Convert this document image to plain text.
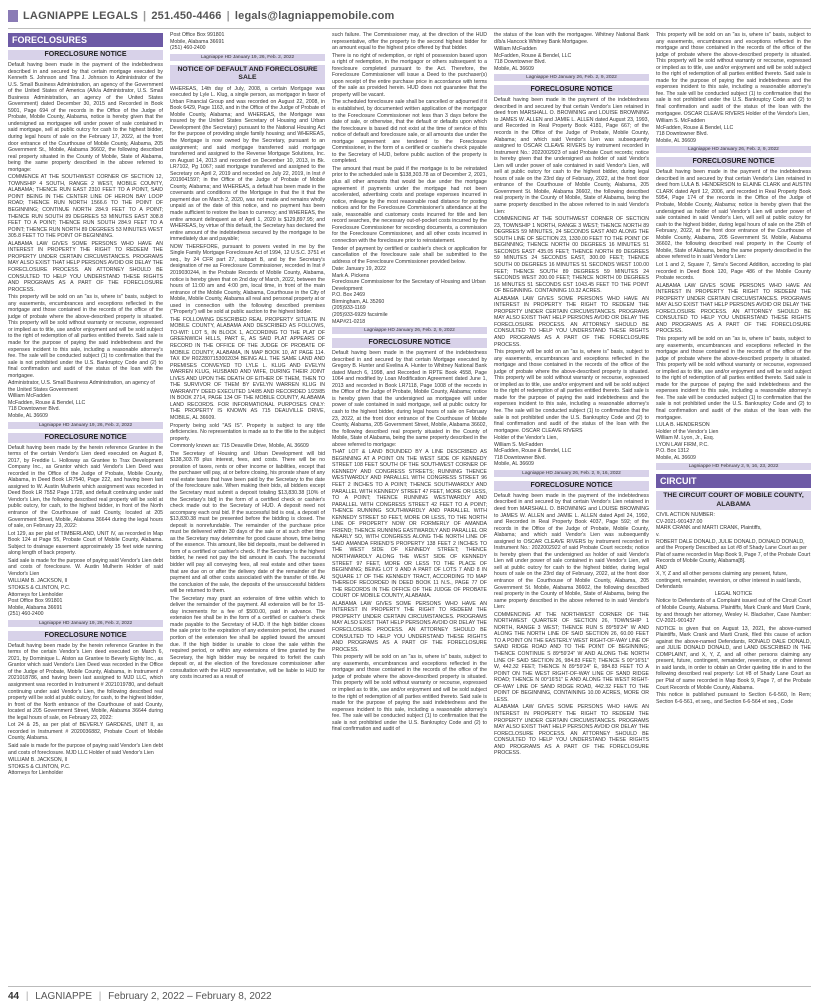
LAGNIAPPE LEGALS | 251.450-4466 | legals@lagniappemobile.com
FORECLOSURES
FORECLOSURE NOTICE

Default having been made in the payment of the indebtedness described in and secured by that certain mortgage executed by Kenneth S. Johnson and Tina J. Johnson to Administrator of the U.S. Small Business Administration, an agency of the Government of the United States of America (A/k/a Administrator, U.S. Small Business Administration, an agency of the United States Government) dated December 30, 2015 and Recorded in Book 5901, Page 694 of the records in the Office of the Judge of Probate, Mobile County, Alabama, notice is hereby given that the undersigned as mortgagee will under power of sale contained in said mortgage, sell at public outcry for cash to the highest bidder, during legal hours of sale on the February 17, 2022, at the front door entrance of the Courthouse of Mobile County, Alabama, 205 Government St., Mobile, Alabama 36602, the following described real property situated in the County of Mobile, State of Alabama, being the same property described in the above referred to mortgage:

COMMENCE AT THE SOUTHWEST CORNER OF SECTION 12, TOWNSHIP 4 SOUTH, RANGE 2 WEST, MOBILE COUNTY, ALABAMA; THENCE RUN EAST 2310 FEET TO A POINT, SAID POINT BEING IN THE CENTER LINE OF HERON BAY LOOP ROAD; THENCE RUN NORTH 1566.6 TO THE POINT OF BEGINNING; CONTINUE NORTH 284.9 FEET TO A POINT; THENCE RUN SOUTH 89 DEGREES 53 MINUTES EAST 308.8 FEET TO A POINT; THENCE RUN SOUTH 284.9 FEET TO A POINT; THENCE RUN NORTH 89 DEGREES 53 MINUTES WEST 305.8 FEET TO THE POINT OF BEGINNING.

ALABAMA LAW GIVES SOME PERSONS WHO HAVE AN INTEREST IN PROPERTY THE RIGHT TO REDEEM THE PROPERTY UNDER CERTAIN CIRCUMSTANCES. PROGRAMS MAY ALSO EXIST THAT HELP PERSONS AVOID OR DELAY THE FORECLOSURE PROCESS. AN ATTORNEY SHOULD BE CONSULTED TO HELP YOU UNDERSTAND THESE RIGHTS AND PROGRAMS AS A PART OF THE FORECLOSURE PROCESS.

This property will be sold on an "as is, where is" basis, subject to any easements, encumbrances and exceptions reflected in the mortgage and those contained in the records of the office of the judge of probate where the above-described property is situated. This property will be sold without warranty or recourse, expressed or implied as to title, use and/or enjoyment and will be sold subject to the right of redemption of all parties entitled thereto. Said sale is made for the purpose of paying the said indebtedness and the expenses incident to this sale, including a reasonable attorney's fee. The sale will be conducted subject (1) to confirmation that the sale is not prohibited under the U.S. Bankruptcy Code and (2) to final confirmation and audit of the status of the loan with the mortgagee.

Administrator, U.S. Small Business Administration, an agency of the United States Government
William McFadden
McFadden, Rouse & Bendel, LLC
718 Downtowner Blvd.
Mobile, AL 36609

Lagniappe HD January 19, 26, Feb. 2, 2022
FORECLOSURE NOTICE

Default having been made by the herein reference Grantee in the terms of the certain Vendor's Lien deed executed on August 8, 2017, by Freddie L. Holloway as Grantee to Trax Development Company Inc., as Grantor which said Vendor's Lien Deed was recorded in the Office of the Judge of Probate, Mobile County, Alabama, in Deed Book LR7540, Page 222, and having been last assigned to W. Austin Mulherin which assignment was recorded in Deed Book LR 7552 Page 1728, and default continuing under said Vendor's Lien, the following described real property will be sold at public outcry, for cash, to the highest bidder, in front of the North entrance of the Courthouse of said County, located at 205 Government Street, Mobile, Alabama 36644 during the legal hours of sale, on February 23, 2022:

Lot 129, as per plat of TIMBERLAND, UNIT IV, as recorded in Map Book 124 at Page 55, Probate Court of Mobile County, Alabama. Subject to drainage easement approximately 15 feet wide running along length of back property.

Said sale is made for the purpose of paying said Vendor's Lien debt and costs of foreclosure. W. Austin Mulherin Holder of said Vendor's Lien

WILLIAM B. JACKSON, II
STOKES & CLINTON, P.C.
Attorneys for Lienholder
Post Office Box 991801
Mobile, Alabama 36691
(251) 460-2400

Lagniappe HD January 19, 26, Feb. 2, 2022
FORECLOSURE NOTICE

Default having been made by the herein reference Grantee in the terms of the certain Vendor's Lien deed executed on March 6, 2021, by Dominique L. Alston as Grantee to Beverly Eighty Inc., as Grantor which said Vendor's Lien Deed was recorded in the Office of the Judge of Probate, Mobile County, Alabama, in Instrument # 2021018786, and having been last assigned to MJD LLC, which assignment was recorded in Instrument # 2021019780, and default continuing under said Vendor's Lien, the following described real property will be sold at public outcry, for cash, to the highest bidder, in front of the North entrance of the Courthouse of said County, located at 205 Government Street, Mobile, Alabama 36644 during the legal hours of sale, on February 23, 2022:

Lot 24 & 25, as per plat of BEVERLY GARDENS, UNIT II, as recorded in Instrument # 2020036882, Probate Court of Mobile County, Alabama.

Said sale is made for the purpose of paying said Vendor's Lien debt and costs of foreclosure. MJD LLC Holder of said Vendor's Lien

WILLIAM B. JACKSON, II
STOKES & CLINTON, P.C.
Attorneys for Lienholder

Post Office Box 991801
Mobile, Alabama 36691
(251) 460-2400

Lagniappe HD January 19, 26, Feb. 2, 2022
NOTICE OF DEFAULT AND FORECLOSURE SALE

WHEREAS, 14th day of July, 2008, a certain Mortgage was executed by Lyle L. Klug, a single person, as mortgagor in favor of Urban Financial Group and was recorded on August 22, 2008, in Book 6429, Page 1163, and in the Office of the Judge of Probate of Mobile County, Alabama; and WHEREAS, the Mortgage was insured by the United States Secretary of Housing and Urban Development (the Secretary) pursuant to the National Housing Act for the purpose of providing single family housing; and WHEREAS, the Mortgage is now owned by the Secretary, pursuant to an assignment; and said mortgage transferred said mortgage transferred and assigned to the Reverse Mortgage Solutions, Inc. on August 14, 2013 and recorded on December 10, 2013, in Bk. LR7102, Pg 1067; said mortgage transferred and assigned to the Secretary on April 2, 2019 and recorded on July 22, 2019, in Inst # 2019041597; in the Office of the Judge of Probate of Mobile County, Alabama; and WHEREAS, a default has been made in the covenants and conditions of the Mortgage in that the it that the payment due on March 2, 2020, was not made and remains wholly unpaid as of the date of this notice, and no payment has been made sufficient to restore the loan to currency; and WHEREAS, the entire amount delinquent as of April 1, 2020 is $129,897.95; and WHEREAS, by virtue of this default, the Secretary has declared the entire amount of the indebtedness secured by the mortgage to be immediately due and payable;

NOW THEREFORE, pursuant to powers vested in me by the Single Family Mortgage Foreclosure Act of 1994, 12 U.S.C. 3751 et seq., by 24 CFR part 27, subpart B, and by the Secretary's designation of me as Foreclosure Commissioner, recorded in Inst # 2019030244, in the Probate Records of Mobile County, Alabama, notice is hereby given that on 2nd day of March, 2022, between the hours of 11:00 am and 4:00 pm, local time, in front of the main entrance of the Mobile County, Alabama, Courthouse in the City of Mobile, Mobile County, Alabama all real and personal property at or used in connection with the following described premises ("Property") will be sold at public auction to the highest bidder.

THE FOLLOWING DESCRIBED REAL PROPERTY SITUATE IN MOBILE COUNTY, ALABAMA AND DESCRIBED AS FOLLOWS, TO-WIT: LOT 5, IN BLOCK 1, ACCORDING TO THE PLAT OF GREENWICH HILLS, PART E, AS SAID PLAT APPEARS OF RECORD IN THE OFFICE OF THE JUDGE OF PROBATE OF MOBILE COUNTY, ALABAMA, IN MAP BOOK 10, AT PAGE 114. TAX ID# R022807153002034 BEING ALL THE SAME LAND AND PREMISES CONVEYED TO LYLE L. KLUG AND EVELYN WARREN KLUG, HUSBAND AND WIFE, DURING THEIR JOINT LIVES AND UPON THE DEATH OF EITHER OF THEM, THEN TO THE SURVIVOR OF THEM BY EVELYN WARREN KLUG IN WARRANTY DEED EXECUTED 1/4/85 AND RECORDED 1/23/85 IN BOOK 2714, PAGE 134 OF THE MOBILE COUNTY, ALABAMA LAND RECORDS. FOR INFORMATIONAL PURPOSES ONLY: THE PROPERTY IS KNOWN AS 715 DEAUVILLE DRIVE, MOBILE, AL 36609.

Property being sold "AS IS". Property is subject to any title deficiencies. No representation is made as to the title to the subject property.

Commonly known as: 715 Deauville Drive, Mobile, AL 36609

The Secretary of Housing and Urban Development will bid $138,303.78 plus interest, fees, and costs. There will be no proration of taxes, rents or other income or liabilities, except that the purchaser will pay, at or before closing, his prorate share of any real estate taxes that have been paid by the Secretary to the date of the foreclosure sale. When making their bids, all bidders except the Secretary must submit a deposit totaling $13,830.38 [10% of the Secretary's bid] in the form of a certified check or cashier's check made out to the Secretary of HUD. A deposit need not accompany each oral bid. If the successful bid is oral, a deposit of $13,830.38 must be presented before the bidding is closed. The deposit is nonrefundable. The remainder of the purchase price must be delivered within 30 days of the sale or at such other time as the Secretary may determine for good cause shown, time being of the essence. This amount, like bid deposits, must be delivered in form of a certified or cashier's check. If the Secretary is the highest bidder, he need not pay the bid amount in cash. The successful bidder will pay all conveying fees, all real estate and other taxes that are due on or after the delivery date of the remainder of the payment and all other costs associated with the transfer of title. At the conclusion of the sale, the deposits of the unsuccessful bidders will be returned to them.

The Secretary may grant an extension of time within which to deliver the remainder of the payment. All extension will be for 15-day increments for a fee of $500.00, paid in advance. The extension fee shall be in the form of a certified or cashier's check made payable to the Secretary of HUD. If the high bidder closes the sale prior to the expiration of any extension period, the unused portion of the extension fee shall be applied toward the amount due. If the high bidder is unable to close the sale within the required period, or within any extensions of time granted by the Secretary, the high bidder may be required to forfeit the cash deposit or, at the election of the foreclosure commissioner after consultation with the HUD representative, will be liable to HUD for any costs incurred as a result of

such failure. The Commissioner may, at the direction of the HUD representative, offer the property to the second highest bidder for an amount equal to the highest price offered by that bidder.

There is no right of redemption, or right of possession based upon a right of redemption, in the mortgagor or others subsequent to a foreclosure completed pursuant to the Act. Therefore, the Foreclosure Commissioner will issue a Deed to the purchaser(s) upon receipt of the entire purchase price in accordance with terms of the sale as provided herein. HUD does not guarantee that the property will be vacant.

The scheduled foreclosure sale shall be cancelled or adjourned if it is established, by documented written application of the mortgagor to the Foreclosure Commissioner not less than 3 days before the date of sale, or otherwise, that the default or defaults upon which the foreclosure is based did not exist at the time of service of this notice of default and foreclosure sale, or all amounts due under the mortgage agreement are tendered to the Foreclosure Commissioner, in the form of a certified or cashier's check payable to the Secretary of HUD, before public auction of the property is completed.

The amount that must be paid if the mortgage is to be reinstated prior to the scheduled sale is $138,303.78 as of December 2, 2021, plus all other amounts that would be due under the mortgage agreement if payments under the mortgage had not been accelerated, advertising costs and postage expenses incurred in notice, mileage by the most reasonable road distance for posting notices and for the Foreclosure Commissioner's attendance at the sale, reasonable and customary costs incurred for title and lien record searches, the necessary out-of-pocket costs incurred by the Foreclosure Commissioner for recording documents, a commission for the Foreclosure Commissioner, and all other costs incurred in connection with the foreclosure prior to reinstatement.

Tender of payment by certified or cashier's check or application for cancellation of the foreclosure sale shall be submitted to the address of the Foreclosure Commissioner provided below.

Date: January 19, 2022
Mark A. Pickens
Foreclosure Commissioner for the Secretary of Housing and Urban Development
P.O. Box 2469
Birmingham, AL 35260
(205)933-1169
(205)933-6929 facsimile
MAP#21-0218

Lagniappe HD January 26, Feb. 2, 9, 2022
FORECLOSURE NOTICE

Default having been made in the payment of the indebtedness described in and secured by that certain Mortgage executed by Gregory B. Hunter and Evelina A. Hunter to Whitney National Bank dated March 6, 1998, and Recorded in RPTE Book 4558, Page 1064 and modified by Loan Modification Agreement dated June 1, 2013 and recorded in Book LR7118, Page 1008 of the records in the Office of the Judge of Probate, Mobile County, Alabama; notice is hereby given that the undersigned as mortgagee will under power of sale contained in said mortgage, sell at public outcry for cash to the highest bidder, during legal hours of sale on February 23, 2022, at the front door entrance of the Courthouse of Mobile County, Alabama, 205 Government Street, Mobile, Alabama 36602, the following described real property situated in the County of Mobile, State of Alabama, being the same property described in the above referred to mortgage:

THAT LOT & LAND BOUNDED BY A LINE DESCRIBED AS BEGINNING AT A POINT ON THE WEST SIDE OF KENNEDY STREET 108 FEET SOUTH OF THE SOUTHWEST CORNER OF KENNEDY AND CONGRESS STREETS; RUNNING THENCE WESTWARDLY AND PARALLEL WITH CONGRESS STREET 96 FEET 2 INCHES TO A POINT; THENCE SOUTHWARDLY AND PARALLEL WITH KENNEDY STREET 47 FEET, MORE OR LESS, TO A POINT; THENCE RUNNING WESTWARDLY AND PARALLEL WITH CONGRESS STREET 42 FEET TO A POINT; THENCE RUNNING SOUTHWARDLY AND PARALLEL WITH KENNEDY STREET 50 FEET, MORE OR LESS, TO THE NORTH LINE OF PROPERTY NOW OR FORMERLY OF AMANDA FRIEND; THENCE RUNNING EASTWARDLY AND PARALLEL OR NEARLY SO, WITH CONGRESS ALONG THE NORTH LINE OF SAID AMANDA FRIEND'S PROPERTY 138 FEET 2 INCHES TO THE WEST SIDE OF KENNEDY STREET; THENCE NORTHWARDLY ALONG THE WEST SIDE OF KENNEDY STREET 97 FEET, MORE OR LESS TO THE PLACE OF BEGINNING; BEING LOT 9 AND A PART OF LOTS 7 AND 8 IN SQUARE 17 OF THE KENNEDY TRACT, ACCORDING TO MAP THEREOF RECORDED IN DEED BOOK 11 N.S., PAGE 77 OF THE RECORDS IN THE OFFICE OF THE JUDGE OF PROBATE COURT OF MOBILE COUNTY, ALABAMA.

ALABAMA LAW GIVES SOME PERSONS WHO HAVE AN INTEREST IN PROPERTY THE RIGHT TO REDEEM THE PROPERTY UNDER CERTAIN CIRCUMSTANCES. PROGRAMS MAY ALSO EXIST THAT HELP PERSONS AVOID OR DELAY THE FORECLOSURE PROCESS. AN ATTORNEY SHOULD BE CONSULTED TO HELP YOU UNDERSTAND THESE RIGHTS AND PROGRAMS AS A PART OF THE FORECLOSURE PROCESS.

This property will be sold on an "as is, where is" basis, subject to any easements, encumbrances and exceptions reflected in the mortgage and those contained in the records of the office of the judge of probate where the above-described property is situated. This property will be sold without warranty or recourse, expressed or implied as to title, use and/or enjoyment and will be sold subject to the right of redemption of all parties entitled thereto. Said sale is made for the purpose of paying the said indebtedness and the expenses incident to this sale, including a reasonable attorney's fee. The sale will be conducted subject (1) to confirmation that the sale is not prohibited under the U.S. Bankruptcy Code and (2) to final confirmation and audit of

the status of the loan with the mortgagee. Whitney National Bank d/b/a Hancock Whitney Bank Mortgagee.

William McFadden
McFadden, Rouse & Bendel, LLC
718 Downtowner Blvd.
Mobile, AL 36609

Lagniappe HD January 26, Feb. 2, 9, 2022
FORECLOSURE NOTICE

Default having been made in the payment of the indebtedness described in and secured by that certain Vendor's Lien retained in deed from MARSHALL O. BROWNING and LOUISE BROWNING to JAMES W. ALLEN and JAMIE L. ALLEN dated August 23, 1993, and Recorded in Real Property Book 4181, Page 667; of the records in the Office of the Judge of Probate, Mobile County, Alabama; and which said Vendor's Lien was subsequently assigned to OSCAR CLEAVE RIVERS by instrument recorded in Instrument No.: 2022002923 of said Probate Court records; notice is hereby given that the undersigned as holder of said Vendor's Lien will under power of sale contained in said Vendor's Lien, will sell at public outcry for cash to the highest bidder, during legal hours of sale on the 23rd day of February, 2022, at the front door entrance of the Courthouse of Mobile County, Alabama, 205 Government St. Mobile, Alabama 36602, the following described real property in the County of Mobile, State of Alabama, being the same property described in the above referred to in said Vendor's Lien:

COMMENCING AT THE SOUTHWEST CORNER OF SECTION 23, TOWNSHIP 1 NORTH, RANGE 3 WEST; THENCE NORTH 89 DEGREES 59 MINUTES, 24 SECONDS EAST AND ALONG THE SOUTH LINE OF SECTION 23, 1330.00 FEET TO THE POINT OF BEGINNING; THENCE NORTH 00 DEGREES 16 MINUTES 51 SECONDS EAST 435.05 FEET; THENCE NORTH 89 DEGREES 59 MINUTES 24 SECONDS EAST, 300.00 FEET; THENCE SOUTH 00 DEGREES 16 MINUTES 51 SECONDS WEST 100.00 FEET; THENCE SOUTH 89 DEGREES 59 MINUTES 24 SECONDS WEST 200.00 FEET; THENCE NORTH 00 DEGREES 16 MINUTES 51 SECONDS EST 1043.45 FEET TO THE POINT OF BEGINNING. CONTAINING 10.32 ACRES.

ALABAMA LAW GIVES SOME PERSONS WHO HAVE AN INTEREST IN PROPERTY THE RIGHT TO REDEEM THE PROPERTY UNDER CERTAIN CIRCUMSTANCES. PROGRAMS MAY ALSO EXIST THAT HELP PERSONS AVOID OR DELAY THE FORECLOSURE PROCESS. AN ATTORNEY SHOULD BE CONSULTED TO HELP YOU UNDERSTAND THESE RIGHTS AND PROGRAMS AS A PART OF THE FORECLOSURE PROCESS.

This property will be sold on an "as is, where is" basis, subject to any easements, encumbrances and exceptions reflected in the mortgage and those contained in the records of the office of the judge of probate where the above-described property is situated. This property will be sold without warranty or recourse, expressed or implied as to title, use and/or enjoyment and will be sold subject to the right of redemption of all parties entitled thereto. Said sale is made for the purpose of paying the said indebtedness and the expenses incident to this sale, including a reasonable attorney's fee. The sale will be conducted subject (1) to confirmation that the sale is not prohibited under the U.S. Bankruptcy Code and (2) to final confirmation and audit of the status of the loan with the mortgagee. OSCAR CLEAVE RIVERS

Holder of the Vendor's Lien,
William S. McFadden
McFadden, Rouse & Bendel, LLC
718 Downtowner Blvd.
Mobile, AL 36609

Lagniappe HD January 26, Feb. 2, 9, 16, 2022
FORECLOSURE NOTICE

Default having been made in the payment of the indebtedness described in and secured by that certain Vendor's Lien retained in deed from MARSHALL O. BROWNING and LOUISE BROWNING to JAMES W. ALLEN and JAMIE L. ALLEN dated April 24, 1992, and Recorded in Real Property Book 4037, Page 592; of the records in the Office of the Judge of Probate, Mobile County, Alabama; and which said Vendor's Lien was subsequently assigned to OSCAR CLEAVE RIVERS by instrument recorded in Instrument No.: 2022002922 of said Probate Court records; notice is hereby given that the undersigned as holder of said Vendor's Lien will under power of sale contained in said Vendor's Lien, will sell at public outcry for cash to the highest bidder, during legal hours of sale on the 23rd day of February, 2022, at the front door entrance of the Courthouse of Mobile County, Alabama, 205 Government St. Mobile, Alabama 36602, the following described real property in the County of Mobile, State of Alabama, being the same property described in the above referred to in said Vendor's Lien:

COMMENCING AT THE NORTHWEST CORNER OF THE NORTHWEST QUARTER OF SECTION 26, TOWNSHIP 1 NORTH, RANGE 3 WEST; THENCE RUN S 89°59'24" W AND ALONG THE NORTH LINE OF SAID SECTION 26, 60.00 FEET TO A POINT ON THE EASTERLY WEST RIGHT-OF-WAY LINE OF SAND RIDGE ROAD AND TO THE POINT OF BEGINNING; THENCE CONTINUE S 89°59'24" W AND ALONG THE NORTH LINE OF SAID SECTION 26, 984.83 FEET; THENCE S 00°16'51" W, 442.32 FEET; THENCE N 89°59'24" E, 984.83 FEET TO A POINT ON THE WEST RIGHT-OF-WAY LINE OF SAND RIDGE ROAD; THENCE N 00°16'51" E AND ALONG THE WEST RIGHT-OF-WAY LINE OF SAND RIDGE ROAD, 442.32 FEET TO THE POINT OF BEGINNING, CONTAINING 10.00 ACRES, MORE OR LESS.

ALABAMA LAW GIVES SOME PERSONS WHO HAVE AN INTEREST IN PROPERTY THE RIGHT TO REDEEM THE PROPERTY UNDER CERTAIN CIRCUMSTANCES. PROGRAMS MAY ALSO EXIST THAT HELP PERSONS AVOID OR DELAY THE FORECLOSURE PROCESS. AN ATTORNEY SHOULD BE CONSULTED TO HELP YOU UNDERSTAND THESE RIGHTS AND PROGRAMS AS A PART OF THE FORECLOSURE PROCESS.

This property will be sold on an "as is, where is" basis, subject to any easements, encumbrances and exceptions reflected in the mortgage and those contained in the records of the office of the judge of probate where the above-described property is situated. This property will be sold without warranty or recourse, expressed or implied as to title, use and/or enjoyment and will be sold subject to the right of redemption of all parties entitled thereto. Said sale is made for the purpose of paying the said indebtedness and the expenses incident to this sale, including a reasonable attorney's fee. The sale will be conducted subject (1) to confirmation that the sale is not prohibited under the U.S. Bankruptcy Code and (2) to final confirmation and audit of the status of the loan with the mortgagee. OSCAR CLEAVE RIVERS Holder of the Vendor's Lien,

William S. McFadden
McFadden, Rouse & Bendel, LLC
718 Downtowner Blvd.
Mobile, AL 36609

Lagniappe HD January 26, Feb. 2, 9, 2022
FORECLOSURE NOTICE

Default having been made in the payment of the indebtedness described in and secured by that certain Vendor's Lien retained in deed from LULA B. HENDERSON to ELAINE CLARK and AUSTIN CLARK dated April 12, 2006, and recorded in Real Property Book 5954, Page 174 of the records in the Office of the Judge of Probate, Mobile County, Alabama; notice is hereby given that the undersigned as holder of said Vendor's Lien will under power of sale contained in said Vendor's Lien, will sell at public outcry for cash to the highest bidder, during legal hours of sale on the 25th of February, 2022, at the front door entrance of the Courthouse of Mobile County, Alabama, 205 Government St. Mobile, Alabama 36602, the following described real property in the County of Mobile, State of Alabama, being the same property described in the above referred to in said Vendor's Lien:

Lot 1 and 2, Square 7, Sims's Second Addition, according to plat recorded in Deed Book 120, Page 486 of the Mobile County Probate records.

ALABAMA LAW GIVES SOME PERSONS WHO HAVE AN INTEREST IN PROPERTY THE RIGHT TO REDEEM THE PROPERTY UNDER CERTAIN CIRCUMSTANCES. PROGRAMS MAY ALSO EXIST THAT HELP PERSONS AVOID OR DELAY THE FORECLOSURE PROCESS. AN ATTORNEY SHOULD BE CONSULTED TO HELP YOU UNDERSTAND THESE RIGHTS AND PROGRAMS AS A PART OF THE FORECLOSURE PROCESS.

This property will be sold on an "as is, where is" basis, subject to any easements, encumbrances and exceptions reflected in the mortgage and those contained in the records of the office of the judge of probate where the above-described property is situated. This property will be sold without warranty or recourse, expressed or implied as to title, use and/or enjoyment and will be sold subject to the right of redemption of all parties entitled thereto. Said sale is made for the purpose of paying the said indebtedness and the expenses incident to this sale, including a reasonable attorney's fee. The sale will be conducted subject (1) to confirmation that the sale is not prohibited under the U.S. Bankruptcy Code and (2) to final confirmation and audit of the status of the loan with the mortgagee.

LULA B. HENDERSON
Holder of the Vendor's Lien
William M. Lyon, Jr., Esq.
LYON LAW FIRM, P.C.
P.O. Box 1312
Mobile, AL 36609

Lagniappe HD February 2, 9, 16, 23, 2022
CIRCUIT
THE CIRCUIT COURT OF MOBILE COUNTY, ALABAMA

CIVIL ACTION NUMBER:
CV-2021-901437.00
MARK CRANK and MARTI CRANK, Plaintiffs,
v.
ROBERT DALE DONALD, JULIE DONALD, DONALD DONALD, and the Property Described as Lot #8 of Shady Lane Court as per Plat of same recorded in Map Book 9, Page 7, of the Probate Court Records of Mobile County, Alabama[8].
AND
X, Y, Z and all other persons claiming any present, future, contingent, remainder, reversion, or other interest in said lands, Defendants

LEGAL NOTICE

Notice to Defendants of a Complaint issued out of the Circuit Court of Mobile County, Alabama. Plaintiffs, Mark Crank and Marti Crank, by and through her attorney, Wesley H. Blacksher, Case Number: CV-2021-901437

NOTICE is given that on August 13, 2021, the above-named Plaintiffs, Mark Crank and Marti Crank, filed this cause of action against the above-named Defendants, RONALD DALE DONALD, and JULIE DONALD DONALD, and LAND DESCRIBED IN THE COMPLAINT, and X, Y, Z, and all other persons claiming any present, future, contingent, remainder, reversion, or other interest in said lands, in order to obtain an Order quieting title in and to the following described real property: Lot #8 of Shady Lane Court as per Plat of same recorded in Map Book 9, Page 7, of the Probate Court Records of Mobile County, Alabama.

This notice is published pursuant to Section 6-6-560, In Rem; Section 6-6-561, et seq., and Section 6-6-564 et seq., Code

44 | LAGNIAPPE | February 2, 2022 – February 8, 2022
